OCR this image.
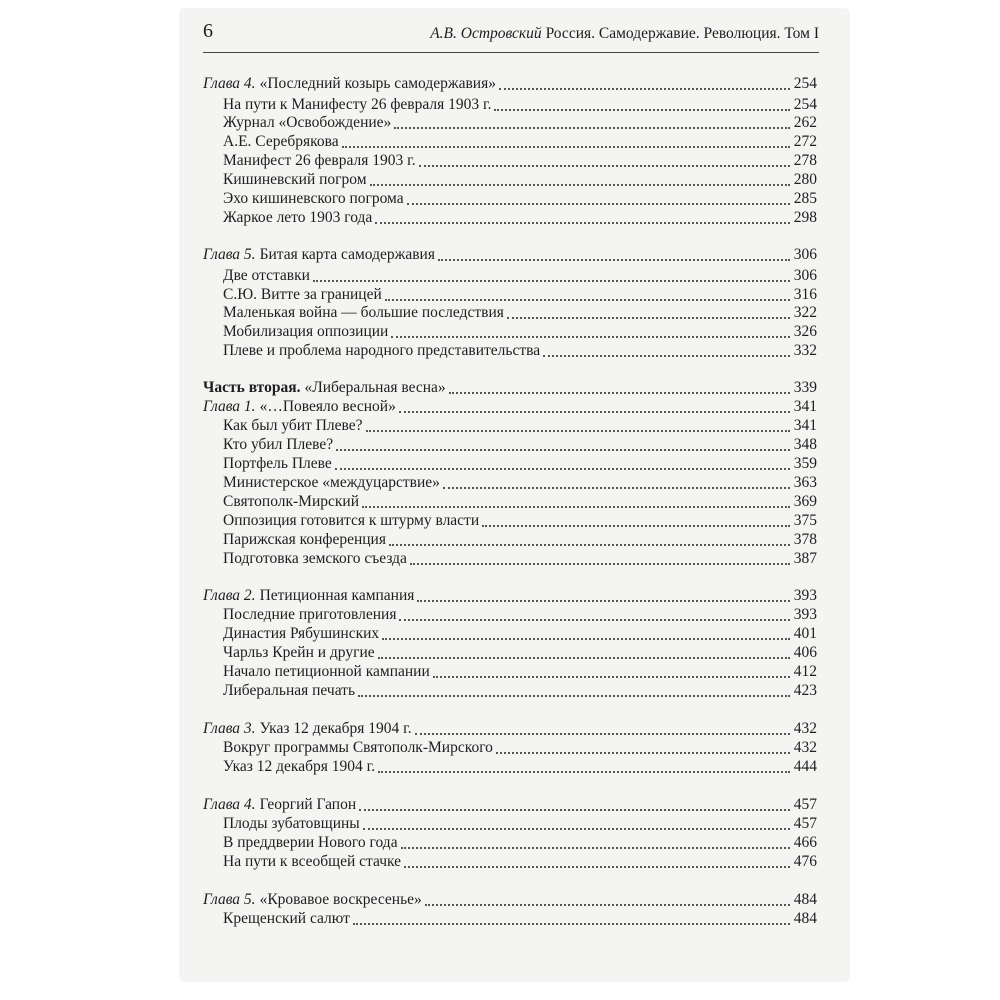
6	А.В. Островский Россия. Самодержавие. Революция. Том I
Глава 4. «Последний козырь самодержавия»	254
На пути к Манифесту 26 февраля 1903 г.	254
Журнал «Освобождение»	262
А.Е. Серебрякова	272
Манифест 26 февраля 1903 г.	278
Кишиневский погром	280
Эхо кишиневского погрома	285
Жаркое лето 1903 года	298
Глава 5. Битая карта самодержавия	306
Две отставки	306
С.Ю. Витте за границей	316
Маленькая война — большие последствия	322
Мобилизация оппозиции	326
Плеве и проблема народного представительства	332
Часть вторая. «Либеральная весна»	339
Глава 1. «…Повеяло весной»	341
Как был убит Плеве?	341
Кто убил Плеве?	348
Портфель Плеве	359
Министерское «междуцарствие»	363
Святополк-Мирский	369
Оппозиция готовится к штурму власти	375
Парижская конференция	378
Подготовка земского съезда	387
Глава 2. Петиционная кампания	393
Последние приготовления	393
Династия Рябушинских	401
Чарльз Крейн и другие	406
Начало петиционной кампании	412
Либеральная печать	423
Глава 3. Указ 12 декабря 1904 г.	432
Вокруг программы Святополк-Мирского	432
Указ 12 декабря 1904 г.	444
Глава 4. Георгий Гапон	457
Плоды зубатовщины	457
В преддверии Нового года	466
На пути к всеобщей стачке	476
Глава 5. «Кровавое воскресенье»	484
Крещенский салют	484
